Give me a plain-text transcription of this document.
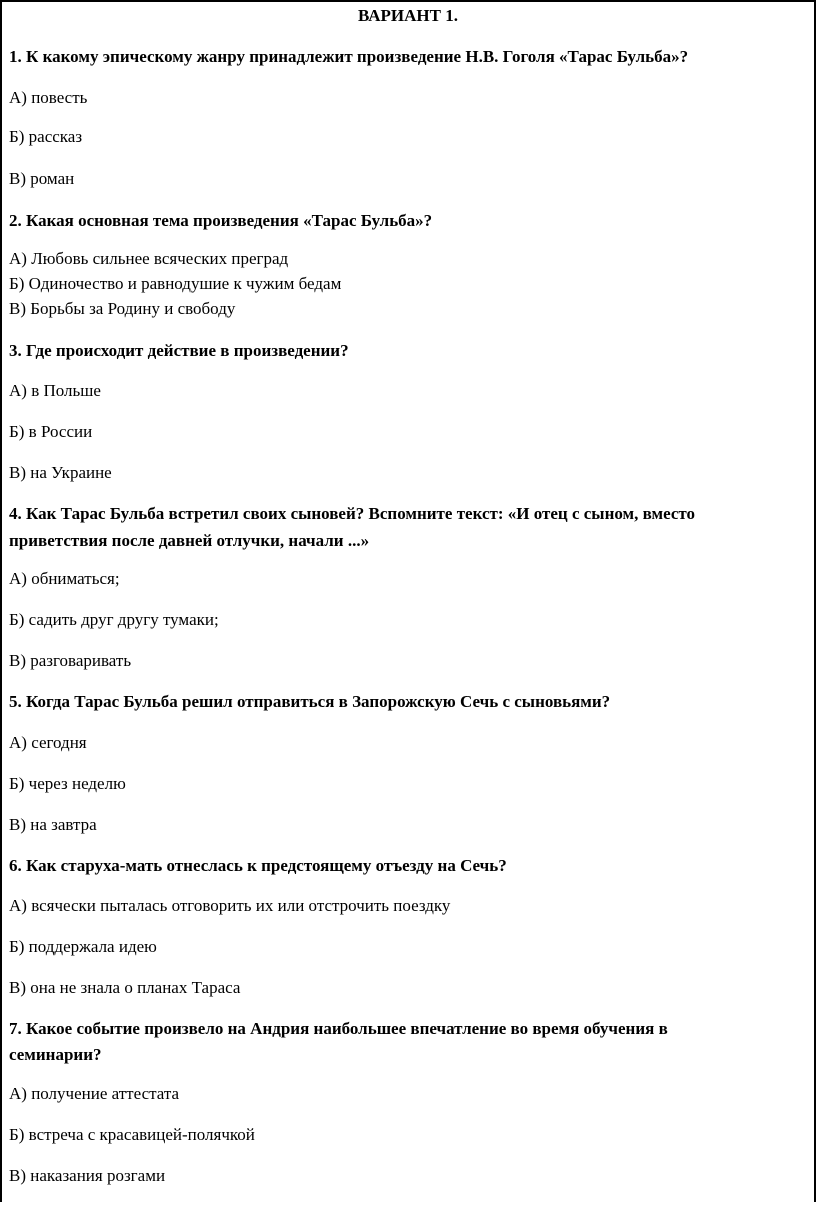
ВАРИАНТ 1.
1. К какому эпическому жанру принадлежит произведение Н.В. Гоголя «Тарас Бульба»?
А) повесть
Б) рассказ
В) роман
2. Какая основная тема произведения «Тарас Бульба»?
А) Любовь сильнее всяческих преград
Б) Одиночество и равнодушие к чужим бедам
В) Борьбы за Родину и свободу
3. Где происходит действие в произведении?
А) в Польше
Б) в России
В) на Украине
4. Как Тарас Бульба встретил своих сыновей? Вспомните текст: «И отец с сыном, вместо
приветствия после давней отлучки, начали ...»
А) обниматься;
Б) садить друг другу тумаки;
В) разговаривать
5. Когда Тарас Бульба решил отправиться в Запорожскую Сечь с сыновьями?
А) сегодня
Б) через неделю
В) на завтра
6. Как старуха-мать отнеслась к предстоящему отъезду на Сечь?
А) всячески пыталась отговорить их или отстрочить поездку
Б) поддержала идею
В) она не знала о планах Тараса
7. Какое событие произвело на Андрия наибольшее впечатление во время обучения в
семинарии?
А) получение аттестата
Б) встреча с красавицей-полячкой
В) наказания розгами
